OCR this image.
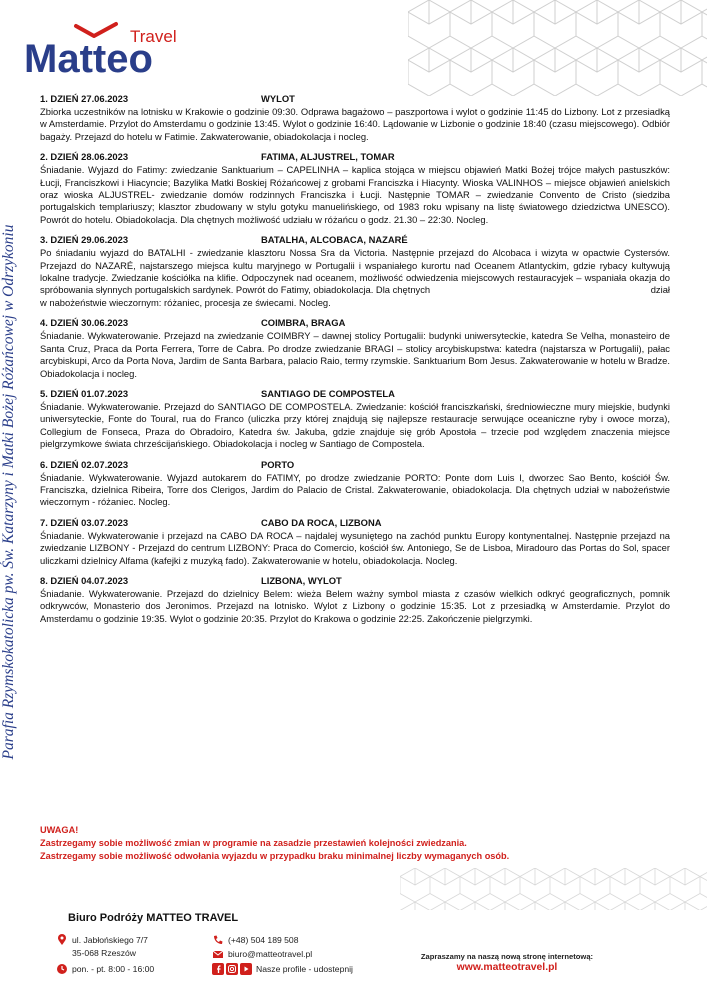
Travel
Matteo
Parafia Rzymskokatolicka pw. Św. Katarzyny i Matki Bożej Różańcowej w Odrzykoniu
1. DZIEŃ 27.06.2023	WYLOT
Zbiorka uczestników na lotnisku w Krakowie o godzinie 09:30. Odprawa bagażowo – paszportowa i wylot o godzinie 11:45 do Lizbony. Lot z przesiadką w Amsterdamie. Przylot do Amsterdamu o godzinie 13:45. Wylot o godzinie 16:40. Lądowanie w Lizbonie o godzinie 18:40 (czasu miejscowego). Odbiór bagaży. Przejazd do hotelu w Fatimie. Zakwaterowanie, obiadokolacja i nocleg.
2. DZIEŃ 28.06.2023	FATIMA, ALJUSTREL, TOMAR
Śniadanie. Wyjazd do Fatimy: zwiedzanie Sanktuarium – CAPELINHA – kaplica stojąca w miejscu objawień Matki Bożej trójce małych pastuszków: Łucji, Franciszkowi i Hiacyncie; Bazylika Matki Boskiej Różańcowej z grobami Franciszka i Hiacynty. Wioska VALINHOS – miejsce objawień anielskich oraz wioska ALJUSTREL- zwiedzanie domów rodzinnych Franciszka i Łucji. Następnie TOMAR – zwiedzanie Convento de Cristo (siedziba portugalskich templariuszy; klasztor zbudowany w stylu gotyku manuelińskiego, od 1983 roku wpisany na listę światowego dziedzictwa UNESCO). Powrót do hotelu. Obiadokolacja. Dla chętnych możliwość udziału w różańcu o godz. 21.30 – 22:30. Nocleg.
3. DZIEŃ 29.06.2023	BATALHA, ALCOBACA, NAZARÉ
Po śniadaniu wyjazd do BATALHI - zwiedzanie klasztoru Nossa Sra da Victoria. Następnie przejazd do Alcobaca i wizyta w opactwie Cystersów. Przejazd do NAZARÉ, najstarszego miejsca kultu maryjnego w Portugalii i wspaniałego kurortu nad Oceanem Atlantyckim, gdzie rybacy kultywują lokalne tradycje. Zwiedzanie kościółka na klifie. Odpoczynek nad oceanem, możliwość odwiedzenia miejscowych restauracyjek – wspaniała okazja do spróbowania słynnych portugalskich sardynek. Powrót do Fatimy, obiadokolacja. Dla chętnych	dział
w nabożeństwie wieczornym: różaniec, procesja ze świecami. Nocleg.
4. DZIEŃ 30.06.2023	COIMBRA, BRAGA
Śniadanie. Wykwaterowanie. Przejazd na zwiedzanie COIMBRY – dawnej stolicy Portugalii: budynki uniwersyteckie, katedra Se Velha, monasteiro de Santa Cruz, Praca da Porta Ferrera, Torre de Cabra. Po drodze zwiedzanie BRAGI – stolicy arcybiskupstwa: katedra (najstarsza w Portugalii), pałac arcybiskupi, Arco da Porta Nova, Jardim de Santa Barbara, palacio Raio, termy rzymskie. Sanktuarium Bom Jesus. Zakwaterowanie w hotelu w Bradze. Obiadokolacja i nocleg.
5. DZIEŃ 01.07.2023	SANTIAGO DE COMPOSTELA
Śniadanie. Wykwaterowanie. Przejazd do SANTIAGO DE COMPOSTELA. Zwiedzanie: kościół franciszkański, średniowieczne mury miejskie, budynki uniwersyteckie, Fonte do Toural, rua do Franco (uliczka przy której znajdują się najlepsze restauracje serwujące oceaniczne ryby i owoce morza), Collegium de Fonseca, Praza do Obradoiro, Katedra św. Jakuba, gdzie znajduje się grób Apostoła – trzecie pod względem znaczenia miejsce pielgrzymkowe świata chrześcijańskiego. Obiadokolacja i nocleg w Santiago de Compostela.
6. DZIEŃ 02.07.2023	PORTO
Śniadanie. Wykwaterowanie. Wyjazd autokarem do FATIMY, po drodze zwiedzanie PORTO: Ponte dom Luis I, dworzec Sao Bento, kościół Św. Franciszka, dzielnica Ribeira, Torre dos Clerigos, Jardim do Palacio de Cristal. Zakwaterowanie, obiadokolacja. Dla chętnych udział w nabożeństwie wieczornym - różaniec. Nocleg.
7. DZIEŃ 03.07.2023	CABO DA ROCA, LIZBONA
Śniadanie. Wykwaterowanie i przejazd na CABO DA ROCA – najdalej wysuniętego na zachód punktu Europy kontynentalnej. Następnie przejazd na zwiedzanie LIZBONY - Przejazd do centrum LIZBONY: Praca do Comercio, kościół św. Antoniego, Se de Lisboa, Miradouro das Portas do Sol, spacer uliczkami dzielnicy Alfama (kafejki z muzyką fado). Zakwaterowanie w hotelu, obiadokolacja. Nocleg.
8. DZIEŃ 04.07.2023	LIZBONA, WYLOT
Śniadanie. Wykwaterowanie. Przejazd do dzielnicy Belem: wieża Belem ważny symbol miasta z czasów wielkich odkryć geograficznych, pomnik odkrywców, Monasterio dos Jeronimos. Przejazd na lotnisko. Wylot z Lizbony o godzinie 15:35. Lot z przesiadką w Amsterdamie. Przylot do Amsterdamu o godzinie 19:35. Wylot o godzinie 20:35. Przylot do Krakowa o godzinie 22:25. Zakończenie pielgrzymki.
UWAGA!
Zastrzegamy sobie możliwość zmian w programie na zasadzie przestawień kolejności zwiedzania.
Zastrzegamy sobie możliwość odwołania wyjazdu w przypadku braku minimalnej liczby wymaganych osób.
Biuro Podróży MATTEO TRAVEL
ul. Jabłońskiego 7/7
35-068 Rzeszów
pon. - pt. 8:00 - 16:00
(+48) 504 189 508
biuro@matteotravel.pl
Nasze profile - udostepnij
Zapraszamy na naszą nową stronę internetową:
www.matteotravel.pl
